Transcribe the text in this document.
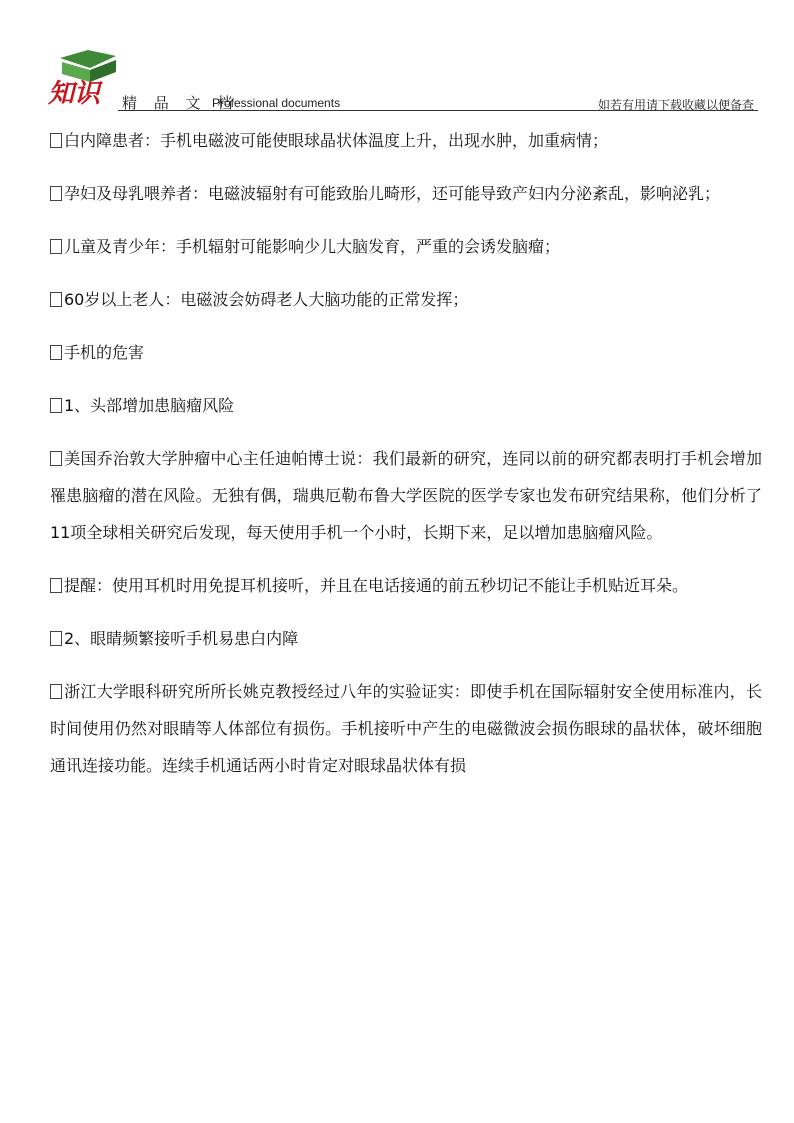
知识 精 品 文 档
Professional documents	如若有用请下载收藏以便备查

白内障患者：手机电磁波可能使眼球晶状体温度上升，出现水肿，加重病情；

孕妇及母乳喂养者：电磁波辐射有可能致胎儿畸形，还可能导致产妇内分泌紊乱，影响泌乳；

儿童及青少年：手机辐射可能影响少儿大脑发育，严重的会诱发脑瘤；

60岁以上老人：电磁波会妨碍老人大脑功能的正常发挥；

手机的危害

1、头部增加患脑瘤风险

美国乔治敦大学肿瘤中心主任迪帕博士说：我们最新的研究，连同以前的研究都表明打手机会增加罹患脑瘤的潜在风险。无独有偶，瑞典厄勒布鲁大学医院的医学专家也发布研究结果称，他们分析了11项全球相关研究后发现，每天使用手机一个小时，长期下来，足以增加患脑瘤风险。

提醒：使用耳机时用免提耳机接听，并且在电话接通的前五秒切记不能让手机贴近耳朵。

2、眼睛频繁接听手机易患白内障

浙江大学眼科研究所所长姚克教授经过八年的实验证实：即使手机在国际辐射安全使用标准内，长时间使用仍然对眼睛等人体部位有损伤。手机接听中产生的电磁微波会损伤眼球的晶状体，破坏细胞通讯连接功能。连续手机通话两小时肯定对眼球晶状体有损
